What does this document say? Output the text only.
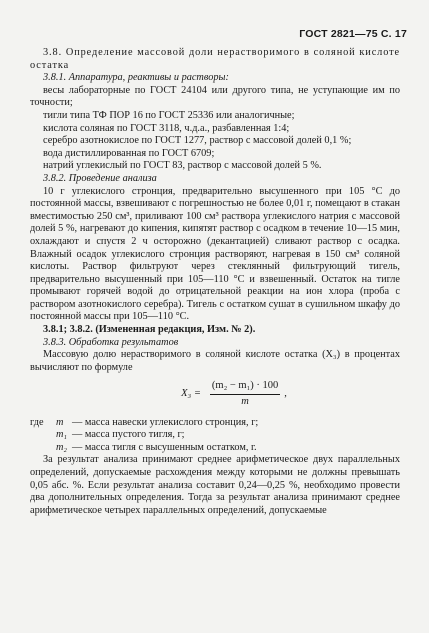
ГОСТ 2821—75 С. 17

3.8. Определение массовой доли нерастворимого в соляной кислоте остатка

3.8.1. Аппаратура, реактивы и растворы:

весы лабораторные по ГОСТ 24104 или другого типа, не уступающие им по точности;

тигли типа ТФ ПОР 16 по ГОСТ 25336 или аналогичные;

кислота соляная по ГОСТ 3118, ч.д.а., разбавленная 1:4;

серебро азотнокислое по ГОСТ 1277, раствор с массовой долей 0,1 %;

вода дистиллированная по ГОСТ 6709;

натрий углекислый по ГОСТ 83, раствор с массовой долей 5 %.

3.8.2. Проведение анализа

10 г углекислого стронция, предварительно высушенного при 105 °С до постоянной массы, взвешивают с погрешностью не более 0,01 г, помещают в стакан вместимостью 250 см³, приливают 100 см³ раствора углекислого натрия с массовой долей 5 %, нагревают до кипения, кипятят раствор с осадком в течение 10—15 мин, охлаждают и спустя 2 ч осторожно (декантацией) сливают раствор с осадка. Влажный осадок углекислого стронция растворяют, нагревая в 150 см³ соляной кислоты. Раствор фильтруют через стеклянный фильтрующий тигель, предварительно высушенный при 105—110 °С и взвешенный. Остаток на тигле промывают горячей водой до отрицательной реакции на ион хлора (проба с раствором азотнокислого серебра). Тигель с остатком сушат в сушильном шкафу до постоянной массы при 105—110 °С.

3.8.1; 3.8.2. (Измененная редакция, Изм. № 2).

3.8.3. Обработка результатов

Массовую долю нерастворимого в соляной кислоте остатка (X₃) в процентах вычисляют по формуле

$X_3 = \frac{\text{(m₂ − m₁) · 100}}{m}$ ,
где	m — масса навески углекислого стронция, г;
m₁ — масса пустого тигля, г;
m₂ — масса тигля с высушенным остатком, г.

За результат анализа принимают среднее арифметическое двух параллельных определений, допускаемые расхождения между которыми не должны превышать 0,05 абс. %. Если результат анализа составит 0,24—0,25 %, необходимо провести два дополнительных определения. Тогда за результат анализа принимают среднее арифметическое четырех параллельных определений, допускаемые
